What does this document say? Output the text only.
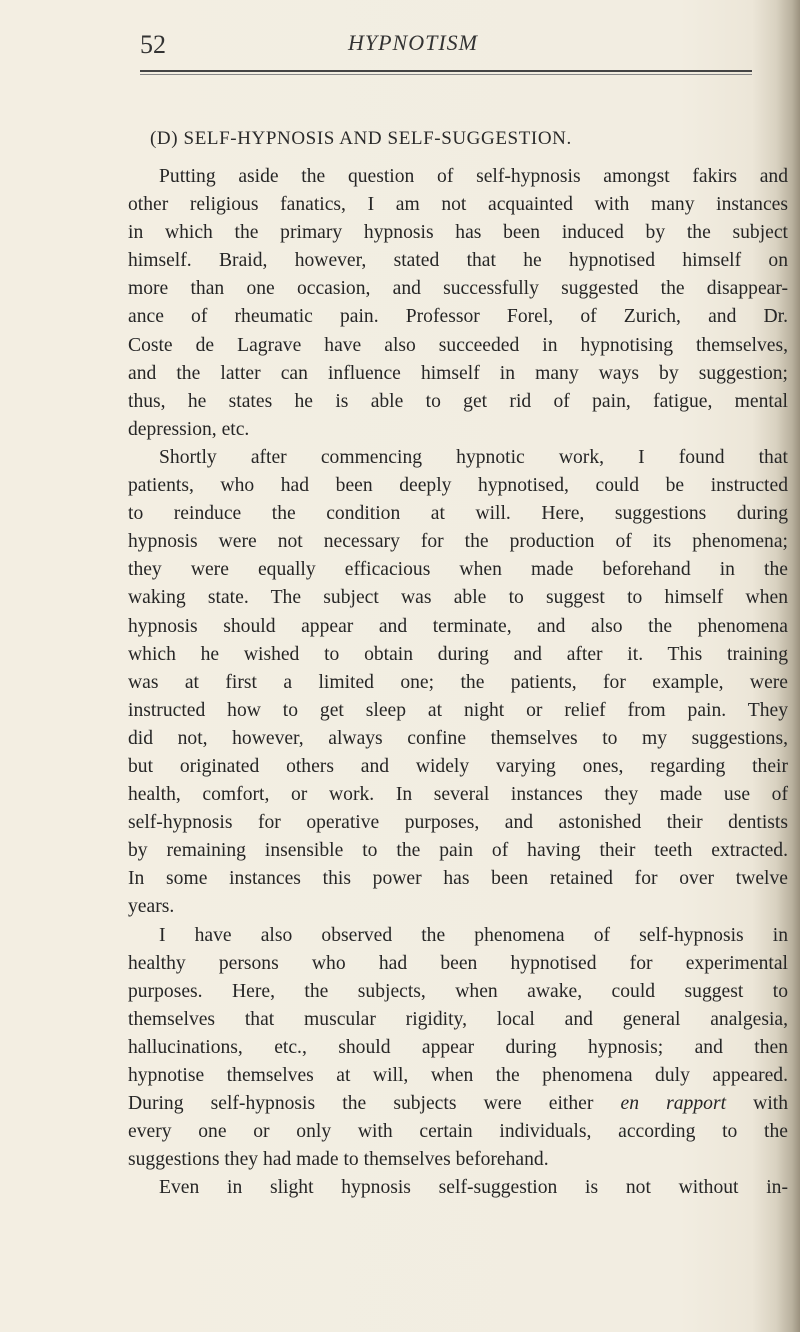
52	HYPNOTISM
(D) SELF-HYPNOSIS AND SELF-SUGGESTION.
Putting aside the question of self-hypnosis amongst fakirs and
other religious fanatics, I am not acquainted with many instances
in which the primary hypnosis has been induced by the subject
himself. Braid, however, stated that he hypnotised himself on
more than one occasion, and successfully suggested the disappear-
ance of rheumatic pain. Professor Forel, of Zurich, and Dr.
Coste de Lagrave have also succeeded in hypnotising themselves,
and the latter can influence himself in many ways by suggestion;
thus, he states he is able to get rid of pain, fatigue, mental
depression, etc.
Shortly after commencing hypnotic work, I found that
patients, who had been deeply hypnotised, could be instructed
to reinduce the condition at will. Here, suggestions during
hypnosis were not necessary for the production of its phenomena;
they were equally efficacious when made beforehand in the
waking state. The subject was able to suggest to himself when
hypnosis should appear and terminate, and also the phenomena
which he wished to obtain during and after it. This training
was at first a limited one; the patients, for example, were
instructed how to get sleep at night or relief from pain. They
did not, however, always confine themselves to my suggestions,
but originated others and widely varying ones, regarding their
health, comfort, or work. In several instances they made use of
self-hypnosis for operative purposes, and astonished their dentists
by remaining insensible to the pain of having their teeth extracted.
In some instances this power has been retained for over twelve
years.
I have also observed the phenomena of self-hypnosis in
healthy persons who had been hypnotised for experimental
purposes. Here, the subjects, when awake, could suggest to
themselves that muscular rigidity, local and general analgesia,
hallucinations, etc., should appear during hypnosis; and then
hypnotise themselves at will, when the phenomena duly appeared.
During self-hypnosis the subjects were either en rapport with
every one or only with certain individuals, according to the
suggestions they had made to themselves beforehand.
Even in slight hypnosis self-suggestion is not without in-
